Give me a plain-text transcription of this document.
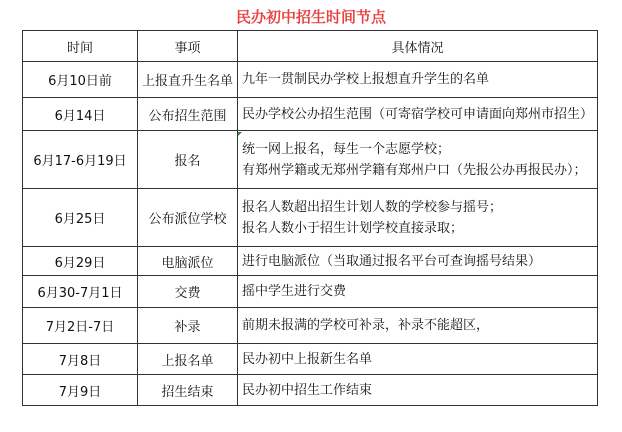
民办初中招生时间节点
时间	事项	具体情况
6月10日前	上报直升生名单	九年一贯制民办学校上报想直升学生的名单

6月14日	公布招生范围	民办学校公办招生范围（可寄宿学校可申请面向郑州市招生）

6月17-6月19日	报名	统一网上报名，每生一个志愿学校；
有郑州学籍或无郑州学籍有郑州户口（先报公办再报民办）；

6月25日	公布派位学校	报名人数超出招生计划人数的学校参与摇号；
报名人数小于招生计划学校直接录取；

6月29日	电脑派位	进行电脑派位（当取通过报名平台可查询摇号结果）

6月30-7月1日	交费	摇中学生进行交费

7月2日-7日	补录	前期未报满的学校可补录，补录不能超区，

7月8日	上报名单	民办初中上报新生名单

7月9日	招生结束	民办初中招生工作结束
